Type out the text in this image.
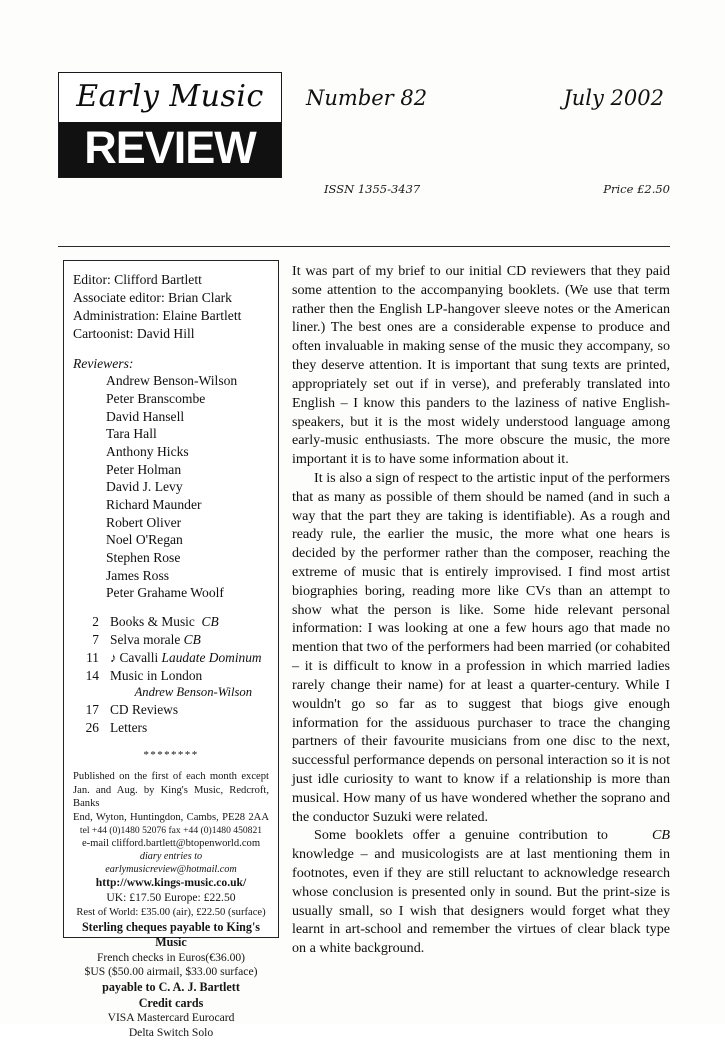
Early Music
REVIEW
Number 82	July 2002
ISSN 1355-3437	Price £2.50
Editor: Clifford Bartlett
Associate editor: Brian Clark
Administration: Elaine Bartlett
Cartoonist: David Hill
Reviewers:
Andrew Benson-Wilson
Peter Branscombe
David Hansell
Tara Hall
Anthony Hicks
Peter Holman
David J. Levy
Richard Maunder
Robert Oliver
Noel O'Regan
Stephen Rose
James Ross
Peter Grahame Woolf
2 Books & Music CB
7 Selva morale CB
11 ♪ Cavalli Laudate Dominum
14 Music in London
Andrew Benson-Wilson
17 CD Reviews
26 Letters
********
Published on the first of each month except
Jan. and Aug. by King's Music, Redcroft, Banks
End, Wyton, Huntingdon, Cambs, PE28 2AA
tel +44 (0)1480 52076 fax +44 (0)1480 450821
e-mail clifford.bartlett@btopenworld.com
diary entries to earlymusicreview@hotmail.com
http://www.kings-music.co.uk/
UK: £17.50 Europe: £22.50
Rest of World: £35.00 (air), £22.50 (surface)
Sterling cheques payable to King's Music
French checks in Euros(€36.00)
$US ($50.00 airmail, $33.00 surface)
payable to C. A. J. Bartlett
Credit cards
VISA Mastercard Eurocard
Delta Switch Solo

It was part of my brief to our initial CD reviewers that they paid some attention to the accompanying booklets. (We use that term rather then the English LP-hangover sleeve notes or the American liner.) The best ones are a considerable expense to produce and often invaluable in making sense of the music they accompany, so they deserve attention. It is important that sung texts are printed, appropriately set out if in verse), and preferably translated into English – I know this panders to the laziness of native English-speakers, but it is the most widely understood language among early-music enthusiasts. The more obscure the music, the more important it is to have some information about it.

It is also a sign of respect to the artistic input of the performers that as many as possible of them should be named (and in such a way that the part they are taking is identifiable). As a rough and ready rule, the earlier the music, the more what one hears is decided by the performer rather than the composer, reaching the extreme of music that is entirely improvised. I find most artist biographies boring, reading more like CVs than an attempt to show what the person is like. Some hide relevant personal information: I was looking at one a few hours ago that made no mention that two of the performers had been married (or cohabited – it is difficult to know in a profession in which married ladies rarely change their name) for at least a quarter-century. While I wouldn't go so far as to suggest that biogs give enough information for the assiduous purchaser to trace the changing partners of their favourite musicians from one disc to the next, successful performance depends on personal interaction so it is not just idle curiosity to want to know if a relationship is more than musical. How many of us have wondered whether the soprano and the conductor Suzuki were related.

CB
Some booklets offer a genuine contribution to knowledge – and musicologists are at last mentioning them in footnotes, even if they are still reluctant to acknowledge research whose conclusion is presented only in sound. But the print-size is usually small, so I wish that designers would forget what they learnt in art-school and remember the virtues of clear black type on a white background.
